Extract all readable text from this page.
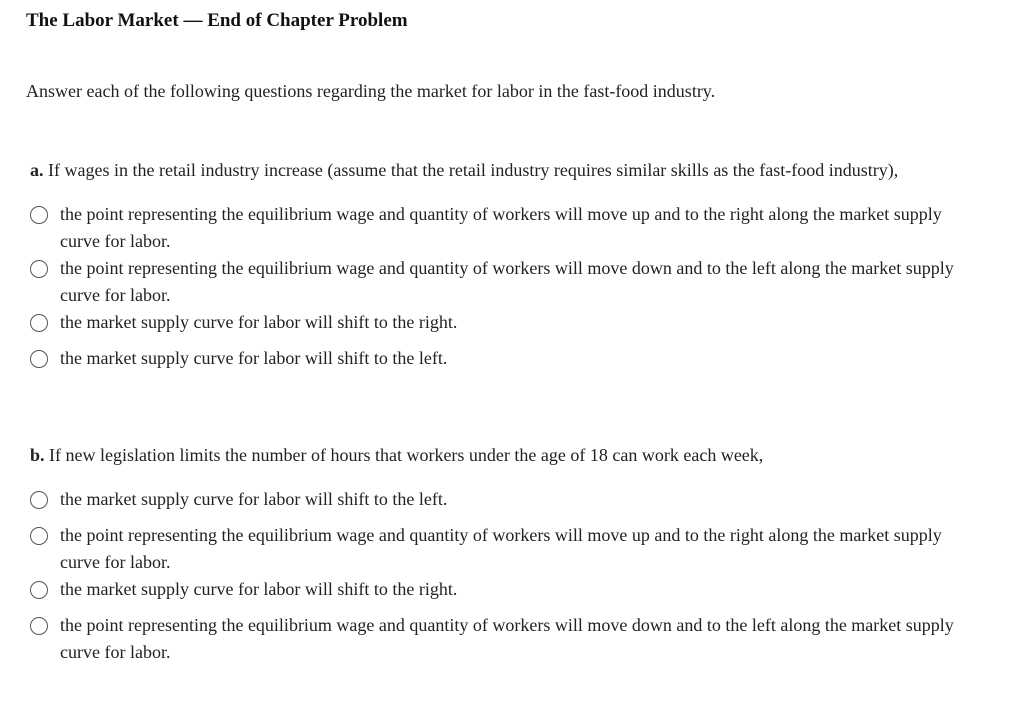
The Labor Market — End of Chapter Problem

Answer each of the following questions regarding the market for labor in the fast-food industry.

a. If wages in the retail industry increase (assume that the retail industry requires similar skills as the fast-food industry),

the point representing the equilibrium wage and quantity of workers will move up and to the right along the market supply curve for labor.
the point representing the equilibrium wage and quantity of workers will move down and to the left along the market supply curve for labor.
the market supply curve for labor will shift to the right.
the market supply curve for labor will shift to the left.

b. If new legislation limits the number of hours that workers under the age of 18 can work each week,

the market supply curve for labor will shift to the left.
the point representing the equilibrium wage and quantity of workers will move up and to the right along the market supply curve for labor.
the market supply curve for labor will shift to the right.
the point representing the equilibrium wage and quantity of workers will move down and to the left along the market supply curve for labor.
